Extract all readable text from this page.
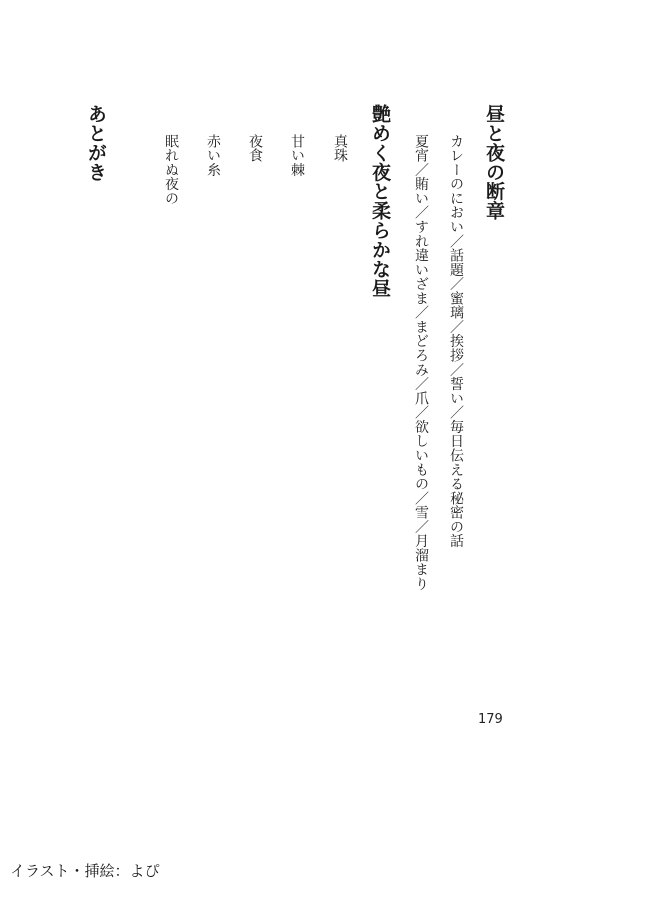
昼と夜の断章
カレーのにおい／話題／蜜璃／挨拶／誓い／毎日伝える秘密の話
夏宵／賄い／すれ違いざま／まどろみ／爪／欲しいもの／雪／月溜まり
艶めく夜と柔らかな昼
真珠
甘い棘
夜食
赤い糸
眠れぬ夜の
あとがき
179
イラスト・挿絵：よぴ
